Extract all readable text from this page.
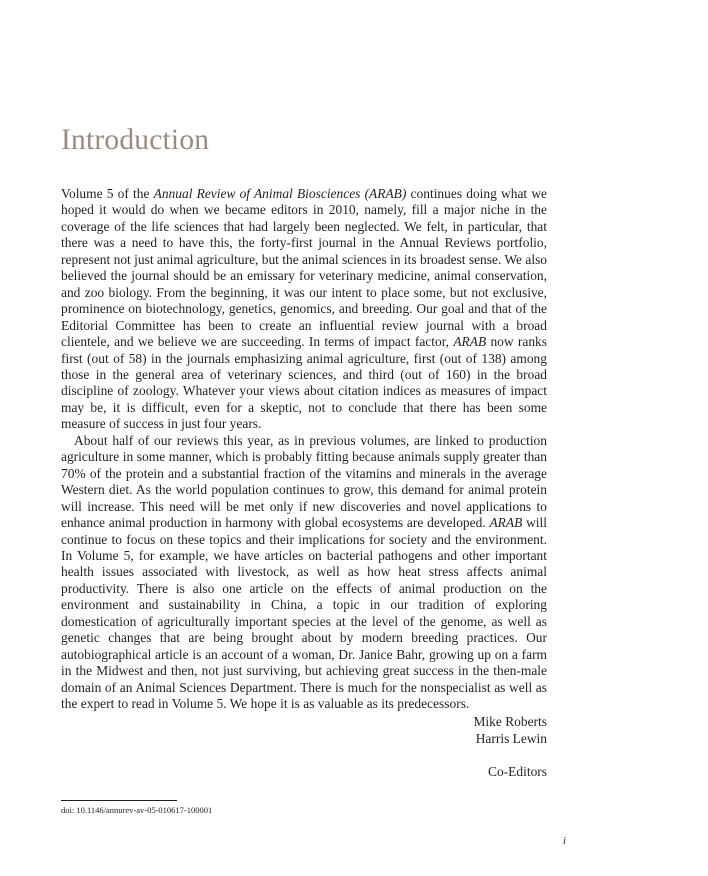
Introduction

Volume 5 of the Annual Review of Animal Biosciences (ARAB) continues doing what we hoped it would do when we became editors in 2010, namely, fill a major niche in the coverage of the life sciences that had largely been neglected. We felt, in particular, that there was a need to have this, the forty-first journal in the Annual Reviews portfolio, represent not just animal agriculture, but the animal sciences in its broadest sense. We also believed the journal should be an emissary for veterinary medicine, animal conservation, and zoo biology. From the beginning, it was our intent to place some, but not exclusive, prominence on biotechnology, genetics, genomics, and breeding. Our goal and that of the Editorial Committee has been to create an influential review journal with a broad clientele, and we believe we are succeeding. In terms of impact factor, ARAB now ranks first (out of 58) in the journals emphasizing animal agriculture, first (out of 138) among those in the general area of veterinary sciences, and third (out of 160) in the broad discipline of zoology. Whatever your views about citation indices as measures of impact may be, it is difficult, even for a skeptic, not to conclude that there has been some measure of success in just four years.

About half of our reviews this year, as in previous volumes, are linked to production agriculture in some manner, which is probably fitting because animals supply greater than 70% of the protein and a substantial fraction of the vitamins and minerals in the average Western diet. As the world population continues to grow, this demand for animal protein will increase. This need will be met only if new discoveries and novel applications to enhance animal production in harmony with global ecosystems are developed. ARAB will continue to focus on these topics and their implications for society and the environment. In Volume 5, for example, we have articles on bacterial pathogens and other important health issues associated with livestock, as well as how heat stress affects animal productivity. There is also one article on the effects of animal production on the environment and sustainability in China, a topic in our tradition of exploring domestication of agriculturally important species at the level of the genome, as well as genetic changes that are being brought about by modern breeding practices. Our autobiographical article is an account of a woman, Dr. Janice Bahr, growing up on a farm in the Midwest and then, not just surviving, but achieving great success in the then-male domain of an Animal Sciences Department. There is much for the nonspecialist as well as the expert to read in Volume 5. We hope it is as valuable as its predecessors.

Mike Roberts
Harris Lewin
Co-Editors
doi: 10.1146/annurev-av-05-010617-100001
i
